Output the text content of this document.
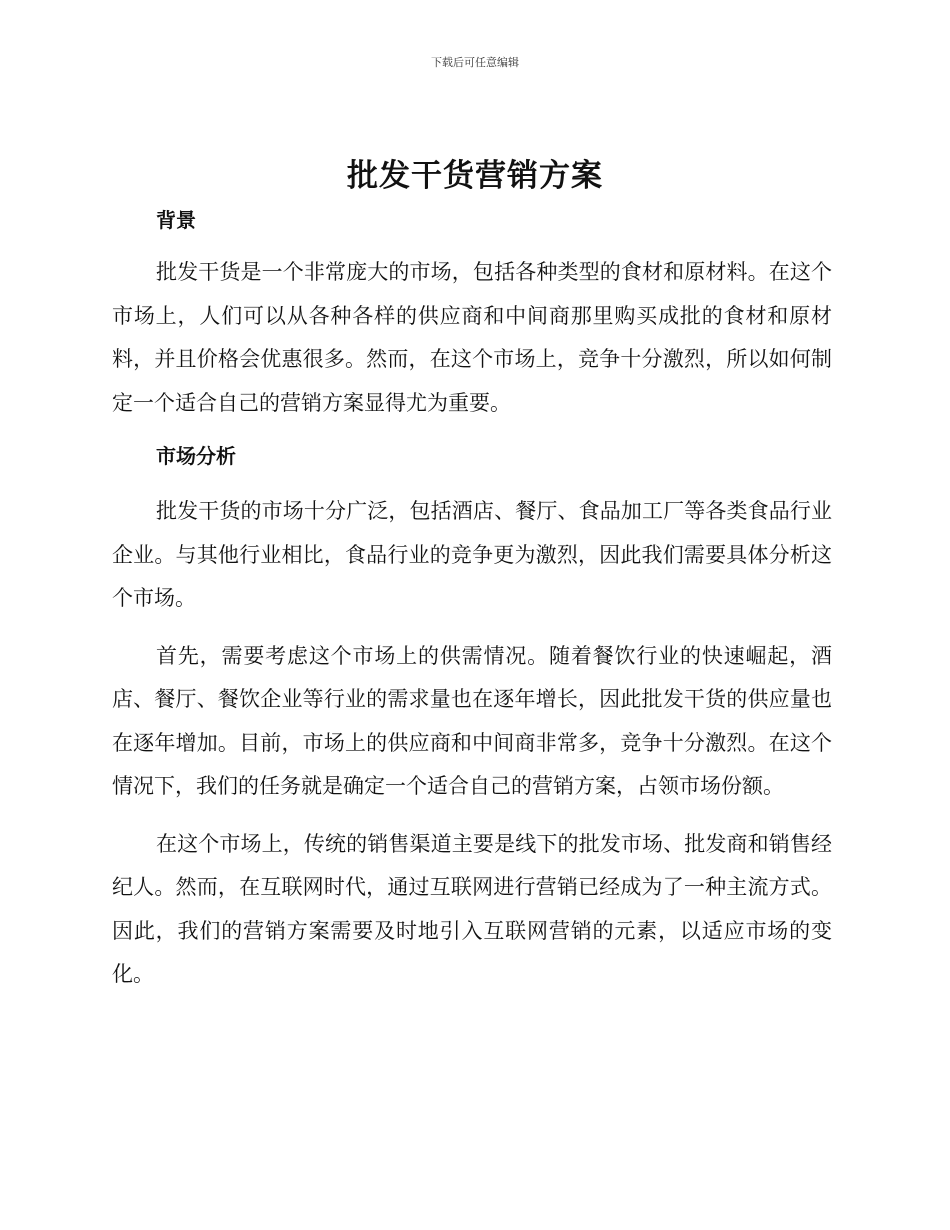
下载后可任意编辑
批发干货营销方案
背景

批发干货是一个非常庞大的市场，包括各种类型的食材和原材料。在这个市场上，人们可以从各种各样的供应商和中间商那里购买成批的食材和原材料，并且价格会优惠很多。然而，在这个市场上，竞争十分激烈，所以如何制定一个适合自己的营销方案显得尤为重要。

市场分析

批发干货的市场十分广泛，包括酒店、餐厅、食品加工厂等各类食品行业企业。与其他行业相比，食品行业的竞争更为激烈，因此我们需要具体分析这个市场。

首先，需要考虑这个市场上的供需情况。随着餐饮行业的快速崛起，酒店、餐厅、餐饮企业等行业的需求量也在逐年增长，因此批发干货的供应量也在逐年增加。目前，市场上的供应商和中间商非常多，竞争十分激烈。在这个情况下，我们的任务就是确定一个适合自己的营销方案，占领市场份额。

在这个市场上，传统的销售渠道主要是线下的批发市场、批发商和销售经纪人。然而，在互联网时代，通过互联网进行营销已经成为了一种主流方式。因此，我们的营销方案需要及时地引入互联网营销的元素，以适应市场的变化。
